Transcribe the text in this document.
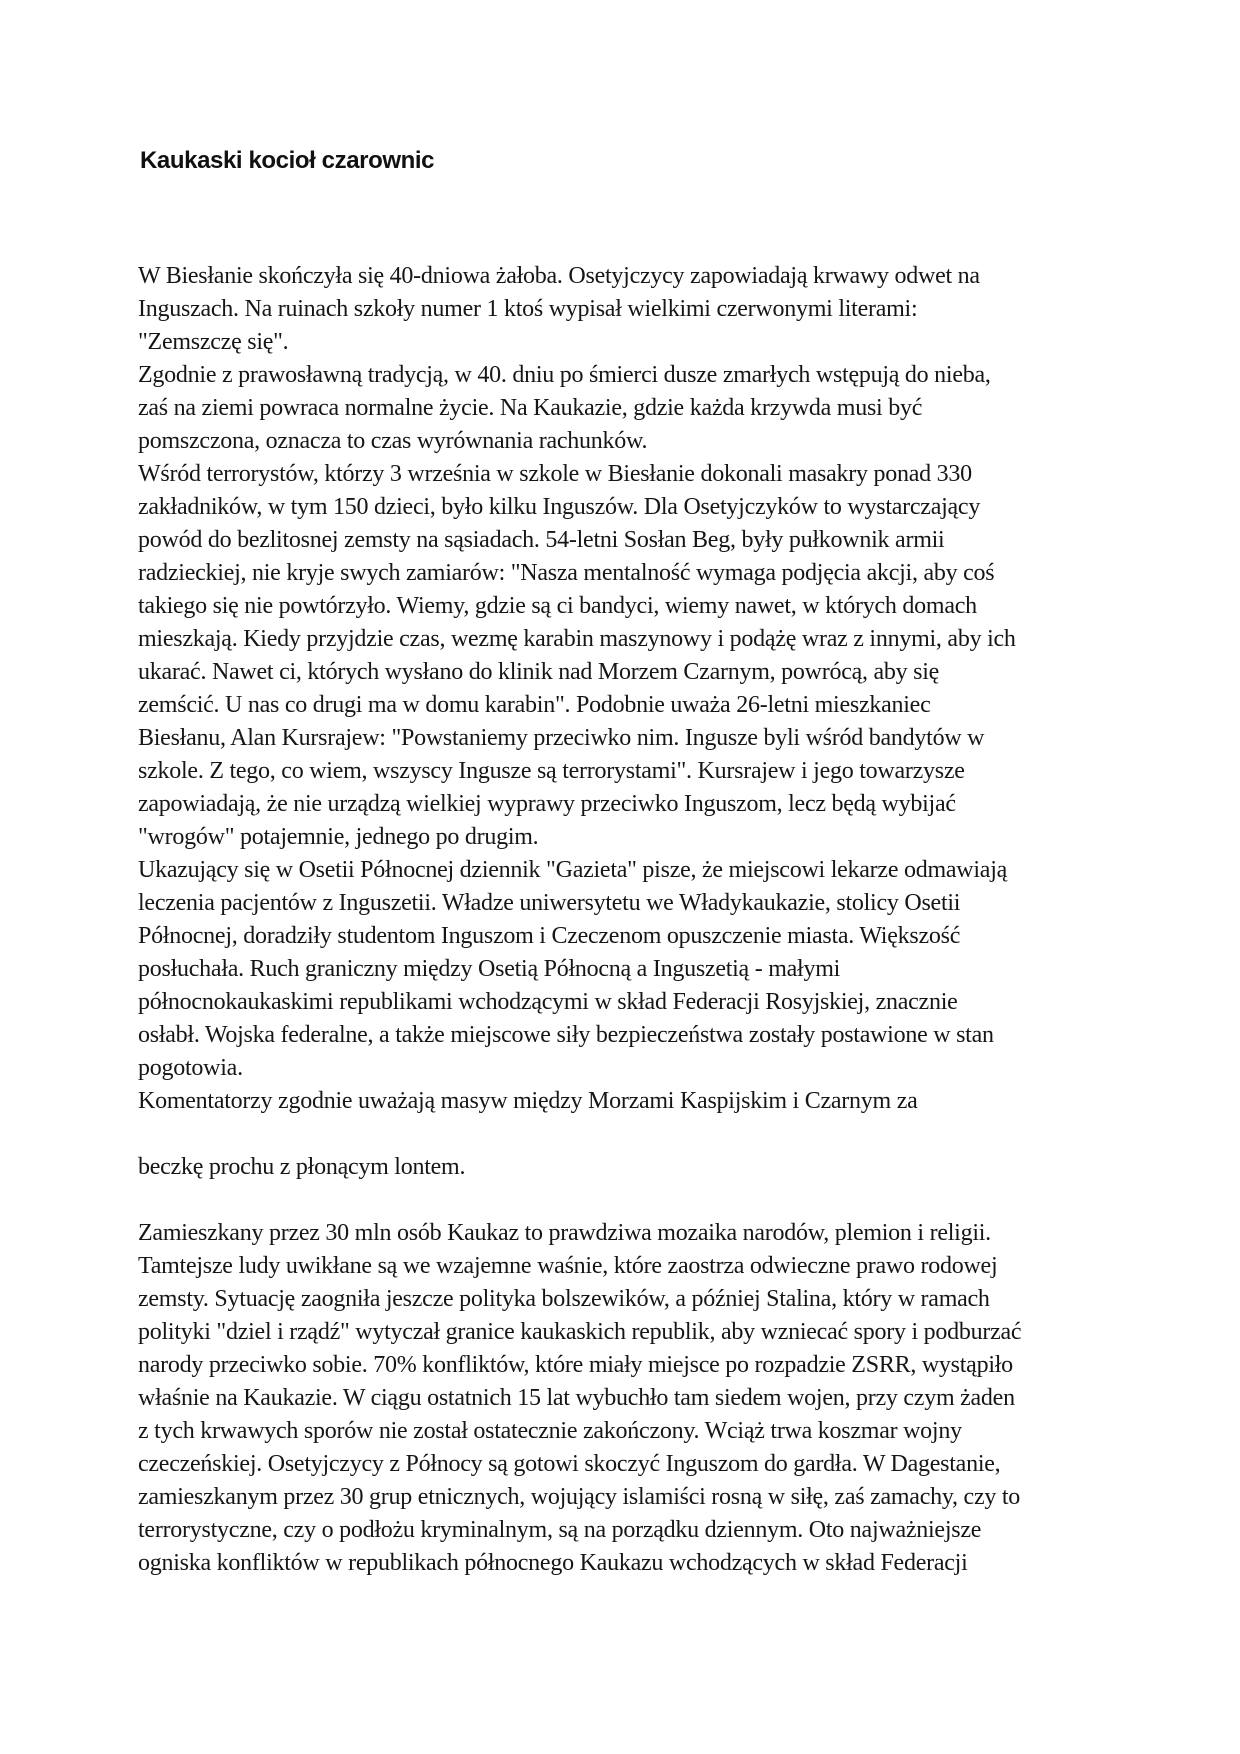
Kaukaski kocioł czarownic
W Biesłanie skończyła się 40-dniowa żałoba. Osetyjczycy zapowiadają krwawy odwet na
Inguszach. Na ruinach szkoły numer 1 ktoś wypisał wielkimi czerwonymi literami:
"Zemszczę się".
Zgodnie z prawosławną tradycją, w 40. dniu po śmierci dusze zmarłych wstępują do nieba,
zaś na ziemi powraca normalne życie. Na Kaukazie, gdzie każda krzywda musi być
pomszczona, oznacza to czas wyrównania rachunków.
Wśród terrorystów, którzy 3 września w szkole w Biesłanie dokonali masakry ponad 330
zakładników, w tym 150 dzieci, było kilku Inguszów. Dla Osetyjczyków to wystarczający
powód do bezlitosnej zemsty na sąsiadach. 54-letni Sosłan Beg, były pułkownik armii
radzieckiej, nie kryje swych zamiarów: "Nasza mentalność wymaga podjęcia akcji, aby coś
takiego się nie powtórzyło. Wiemy, gdzie są ci bandyci, wiemy nawet, w których domach
mieszkają. Kiedy przyjdzie czas, wezmę karabin maszynowy i podążę wraz z innymi, aby ich
ukarać. Nawet ci, których wysłano do klinik nad Morzem Czarnym, powrócą, aby się
zemścić. U nas co drugi ma w domu karabin". Podobnie uważa 26-letni mieszkaniec
Biesłanu, Alan Kursrajew: "Powstaniemy przeciwko nim. Ingusze byli wśród bandytów w
szkole. Z tego, co wiem, wszyscy Ingusze są terrorystami". Kursrajew i jego towarzysze
zapowiadają, że nie urządzą wielkiej wyprawy przeciwko Inguszom, lecz będą wybijać
"wrogów" potajemnie, jednego po drugim.
Ukazujący się w Osetii Północnej dziennik "Gazieta" pisze, że miejscowi lekarze odmawiają
leczenia pacjentów z Inguszetii. Władze uniwersytetu we Władykaukazie, stolicy Osetii
Północnej, doradziły studentom Inguszom i Czeczenom opuszczenie miasta. Większość
posłuchała. Ruch graniczny między Osetią Północną a Inguszetią - małymi
północnokaukaskimi republikami wchodzącymi w skład Federacji Rosyjskiej, znacznie
osłabł. Wojska federalne, a także miejscowe siły bezpieczeństwa zostały postawione w stan
pogotowia.
Komentatorzy zgodnie uważają masyw między Morzami Kaspijskim i Czarnym za
beczkę prochu z płonącym lontem.
Zamieszkany przez 30 mln osób Kaukaz to prawdziwa mozaika narodów, plemion i religii.
Tamtejsze ludy uwikłane są we wzajemne waśnie, które zaostrza odwieczne prawo rodowej
zemsty. Sytuację zaogniła jeszcze polityka bolszewików, a później Stalina, który w ramach
polityki "dziel i rządź" wytyczał granice kaukaskich republik, aby wzniecać spory i podburzać
narody przeciwko sobie. 70% konfliktów, które miały miejsce po rozpadzie ZSRR, wystąpiło
właśnie na Kaukazie. W ciągu ostatnich 15 lat wybuchło tam siedem wojen, przy czym żaden
z tych krwawych sporów nie został ostatecznie zakończony. Wciąż trwa koszmar wojny
czeczeńskiej. Osetyjczycy z Północy są gotowi skoczyć Inguszom do gardła. W Dagestanie,
zamieszkanym przez 30 grup etnicznych, wojujący islamiści rosną w siłę, zaś zamachy, czy to
terrorystyczne, czy o podłożu kryminalnym, są na porządku dziennym. Oto najważniejsze
ogniska konfliktów w republikach północnego Kaukazu wchodzących w skład Federacji
